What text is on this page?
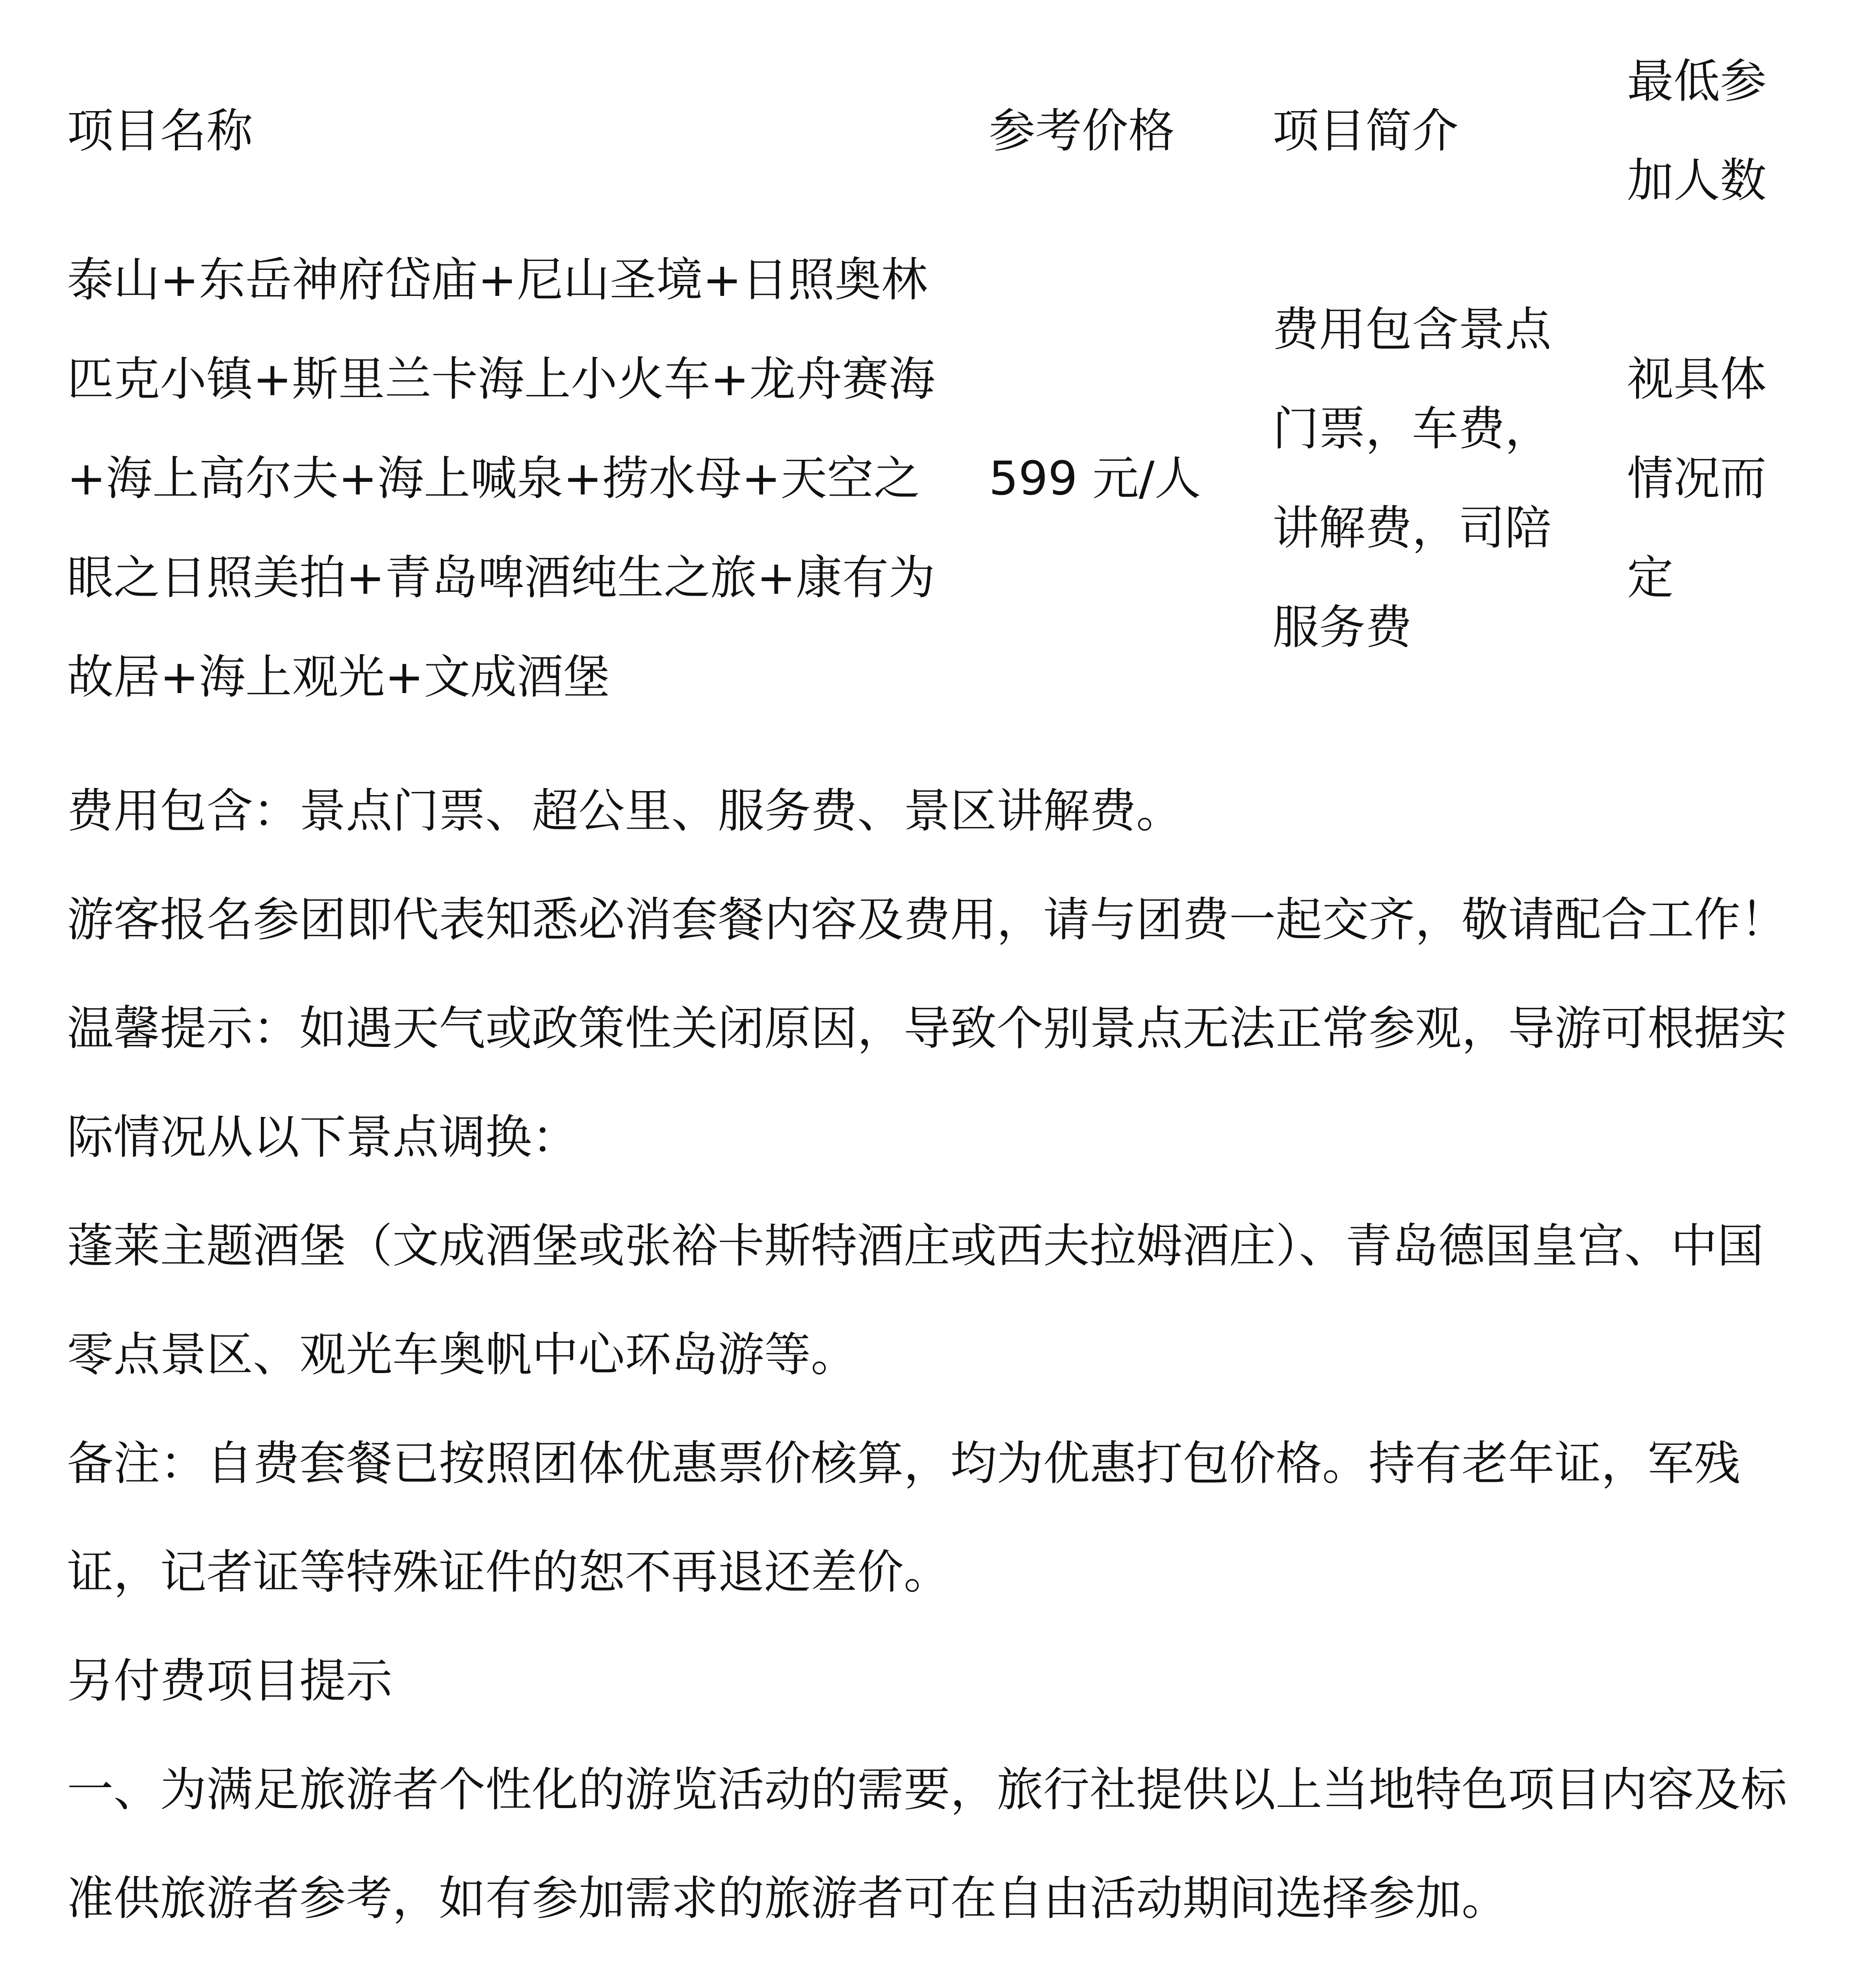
项目名称	参考价格	项目简介	最低参加人数

泰山+东岳神府岱庙+尼山圣境+日照奥林匹克小镇+斯里兰卡海上小火车+龙舟赛海+海上高尔夫+海上喊泉+捞水母+天空之眼之日照美拍+青岛啤酒纯生之旅+康有为故居+海上观光+文成酒堡	599 元/人	费用包含景点门票，车费，讲解费，司陪服务费	视具体情况而定

费用包含：景点门票、超公里、服务费、景区讲解费。

游客报名参团即代表知悉必消套餐内容及费用，请与团费一起交齐，敬请配合工作！

温馨提示：如遇天气或政策性关闭原因，导致个别景点无法正常参观，导游可根据实际情况从以下景点调换：

蓬莱主题酒堡（文成酒堡或张裕卡斯特酒庄或西夫拉姆酒庄）、青岛德国皇宫、中国零点景区、观光车奥帆中心环岛游等。

备注：自费套餐已按照团体优惠票价核算，均为优惠打包价格。持有老年证，军残证，记者证等特殊证件的恕不再退还差价。

另付费项目提示

一、为满足旅游者个性化的游览活动的需要，旅行社提供以上当地特色项目内容及标准供旅游者参考，如有参加需求的旅游者可在自由活动期间选择参加。
